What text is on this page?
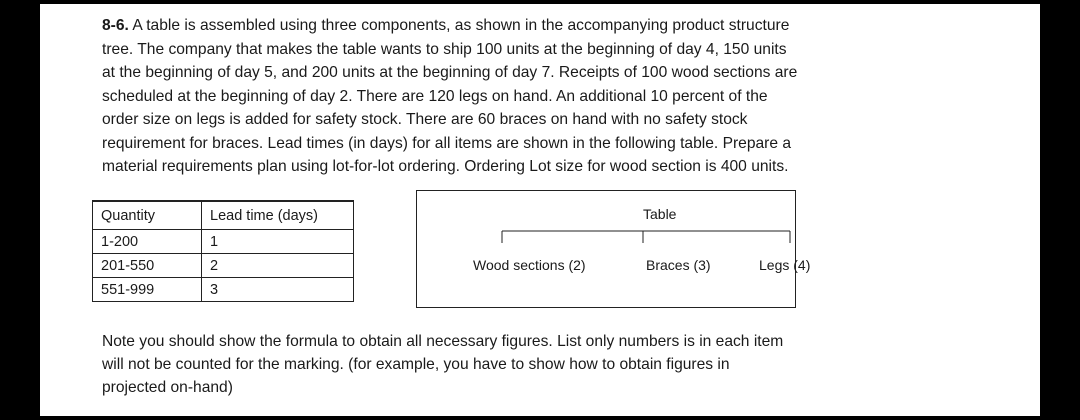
8-6. A table is assembled using three components, as shown in the accompanying product structure
tree. The company that makes the table wants to ship 100 units at the beginning of day 4, 150 units
at the beginning of day 5, and 200 units at the beginning of day 7. Receipts of 100 wood sections are
scheduled at the beginning of day 2. There are 120 legs on hand. An additional 10 percent of the
order size on legs is added for safety stock. There are 60 braces on hand with no safety stock
requirement for braces. Lead times (in days) for all items are shown in the following table. Prepare a
material requirements plan using lot-for-lot ordering. Ordering Lot size for wood section is 400 units.
Quantity	Lead time (days)
1-200	1
201-550	2
551-999	3
Table
Wood sections (2)	Braces (3)	Legs (4)
Note you should show the formula to obtain all necessary figures. List only numbers is in each item
will not be counted for the marking. (for example, you have to show how to obtain figures in
projected on-hand)
